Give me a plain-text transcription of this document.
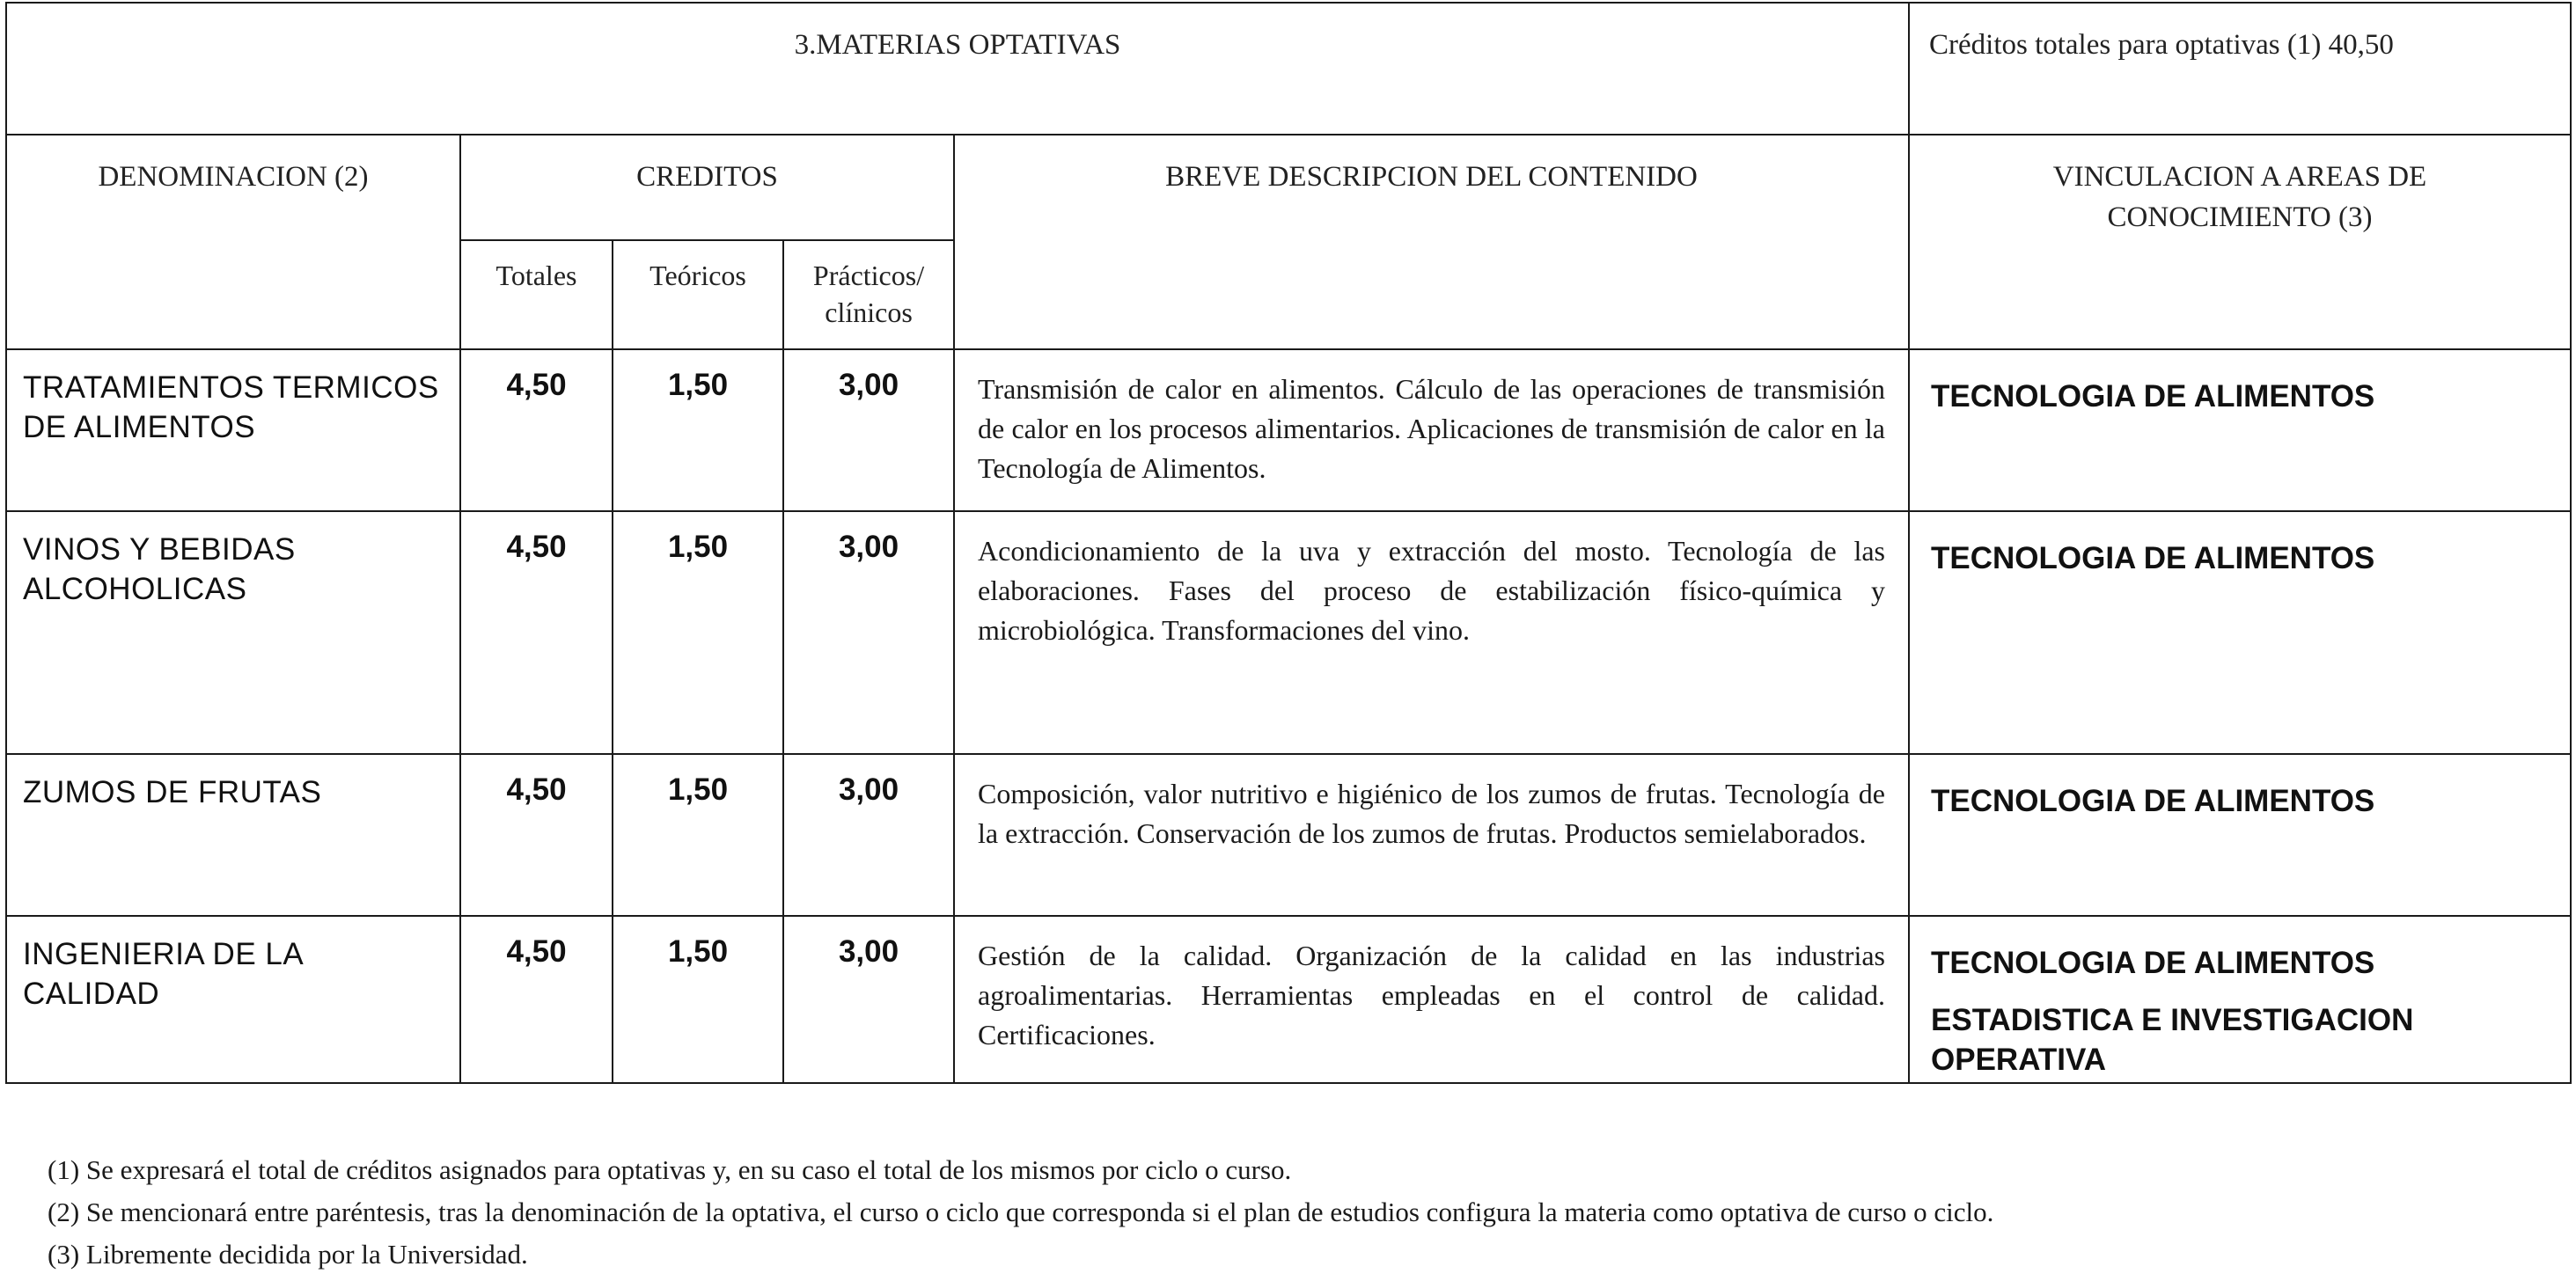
3.MATERIAS OPTATIVAS					Créditos totales para optativas (1) 40,50
DENOMINACION (2)	CREDITOS			BREVE DESCRIPCION DEL CONTENIDO	VINCULACION A AREAS DE CONOCIMIENTO (3)

	Totales	Teóricos	Prácticos/ clínicos		

TRATAMIENTOS TERMICOS DE ALIMENTOS	4,50	1,50	3,00	Transmisión de calor en alimentos. Cálculo de las operaciones de transmisión de calor en los procesos alimentarios. Aplicaciones de transmisión de calor en la Tecnología de Alimentos.	TECNOLOGIA DE ALIMENTOS

VINOS Y BEBIDAS ALCOHOLICAS	4,50	1,50	3,00	Acondicionamiento de la uva y extracción del mosto. Tecnología de las elaboraciones. Fases del proceso de estabilización físico-química y microbiológica. Transformaciones del vino.	TECNOLOGIA DE ALIMENTOS

ZUMOS DE FRUTAS	4,50	1,50	3,00	Composición, valor nutritivo e higiénico de los zumos de frutas. Tecnología de la extracción. Conservación de los zumos de frutas. Productos semielaborados.	TECNOLOGIA DE ALIMENTOS

INGENIERIA DE LA CALIDAD	4,50	1,50	3,00	Gestión de la calidad. Organización de la calidad en las industrias agroalimentarias. Herramientas empleadas en el control de calidad. Certificaciones.	TECNOLOGIA DE ALIMENTOS
ESTADISTICA E INVESTIGACION OPERATIVA
(1) Se expresará el total de créditos asignados para optativas y, en su caso el total de los mismos por ciclo o curso.
(2) Se mencionará entre paréntesis, tras la denominación de la optativa, el curso o ciclo que corresponda si el plan de estudios configura la materia como optativa de curso o ciclo.
(3) Libremente decidida por la Universidad.
